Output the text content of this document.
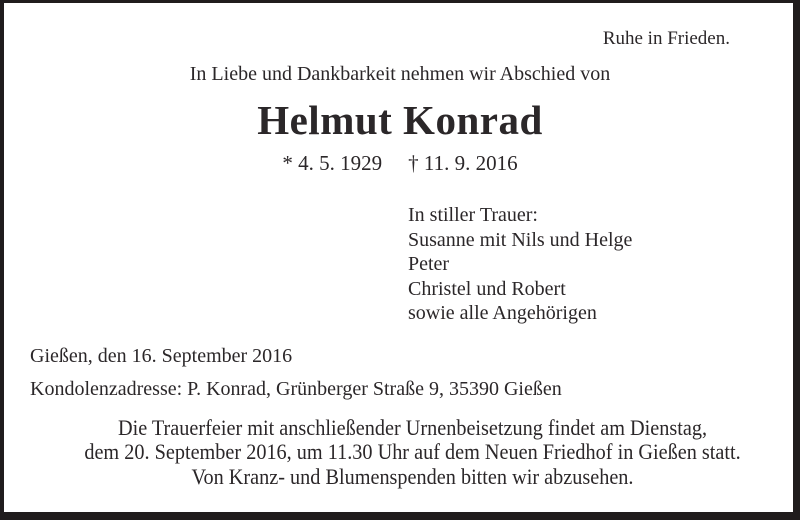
Ruhe in Frieden.
In Liebe und Dankbarkeit nehmen wir Abschied von
Helmut Konrad
* 4. 5. 1929 † 11. 9. 2016
In stiller Trauer:
Susanne mit Nils und Helge
Peter
Christel und Robert
sowie alle Angehörigen
Gießen, den 16. September 2016
Kondolenzadresse: P. Konrad, Grünberger Straße 9, 35390 Gießen
Die Trauerfeier mit anschließender Urnenbeisetzung findet am Dienstag,
dem 20. September 2016, um 11.30 Uhr auf dem Neuen Friedhof in Gießen statt.
Von Kranz- und Blumenspenden bitten wir abzusehen.
